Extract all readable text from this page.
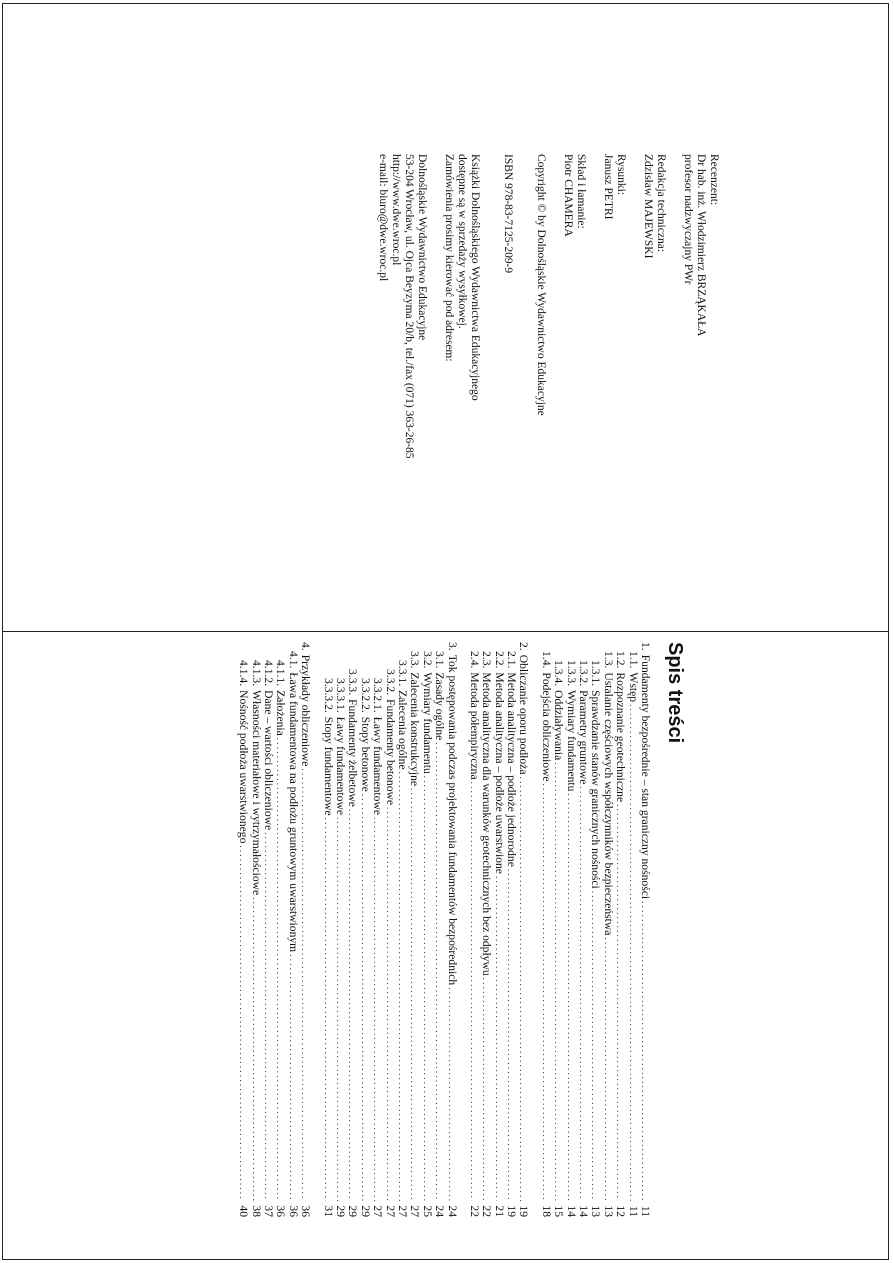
Recenzent:
Dr hab. inż. Włodzimierz BRZĄKAŁA
profesor nadzwyczajny PWr
Redakcja techniczna:
Zdzisław MAJEWSKI
Rysunki:
Janusz PETRI
Skład i łamanie:
Piotr CHAMERA
Copyright © by Dolnośląskie Wydawnictwo Edukacyjne
ISBN 978-83-7125-209-9
Książki Dolnośląskiego Wydawnictwa Edukacyjnego
dostępne są w sprzedaży wysyłkowej.
Zamówienia prosimy kierować pod adresem:
Dolnośląskie Wydawnictwo Edukacyjne
53-204 Wrocław, ul. Ojca Beyzyma 20/b, tel./fax (071) 363-26-85
http://www.dwe.wroc.pl
e-mail: biuro@dwe.wroc.pl
Spis treści
1.
Fundamenty bezpośrednie – stan graniczny nośności
. . .
11
1.1.
Wstęp
. . .
11
1.2.
Rozpoznanie geotechniczne
. . .
12
1.3.
Ustalanie częściowych współczynników bezpieczeństwa
. . .
13
1.3.1.
Sprawdzanie stanów granicznych nośności
. . .
13
1.3.2.
Parametry gruntowe
. . .
14
1.3.3.
Wymiary fundamentu
. . .
14
1.3.4.
Oddziaływania
. . .
15
1.4.
Podejścia obliczeniowe
. . .
18
2.
Obliczanie oporu podłoża
. . .
19
2.1.
Metoda analityczna – podłoże jednorodne
. . .
19
2.2.
Metoda analityczna – podłoże uwarstwione
. . .
21
2.3.
Metoda analityczna dla warunków geotechnicznych bez odpływu
. . .
22
2.4.
Metoda półempiryczna
. . .
22
3.
Tok postępowania podczas projektowania fundamentów bezpośrednich
. . .
24
3.1.
Zasady ogólne
. . .
24
3.2.
Wymiary fundamentu
. . .
25
3.3.
Zalecenia konstrukcyjne
. . .
27
3.3.1.
Zalecenia ogólne
. . .
27
3.3.2.
Fundamenty betonowe
. . .
27
3.3.2.1.
Ławy fundamentowe
. . .
27
3.3.2.2.
Stopy betonowe
. . .
29
3.3.3.
Fundamenty żelbetowe
. . .
29
3.3.3.1.
Ławy fundamentowe
. . .
29
3.3.3.2.
Stopy fundamentowe
. . .
31
4.
Przykłady obliczeniowe
. . .
36
4.1.
Ława fundamentowa na podłożu gruntowym uwarstwionym
. . .
36
4.1.1.
Założenia
. . .
36
4.1.2.
Dane – wartości obliczeniowe
. . .
37
4.1.3.
Własności materiałowe i wytrzymałościowe
. . .
38
4.1.4.
Nośność podłoża uwarstwionego
. . .
40
